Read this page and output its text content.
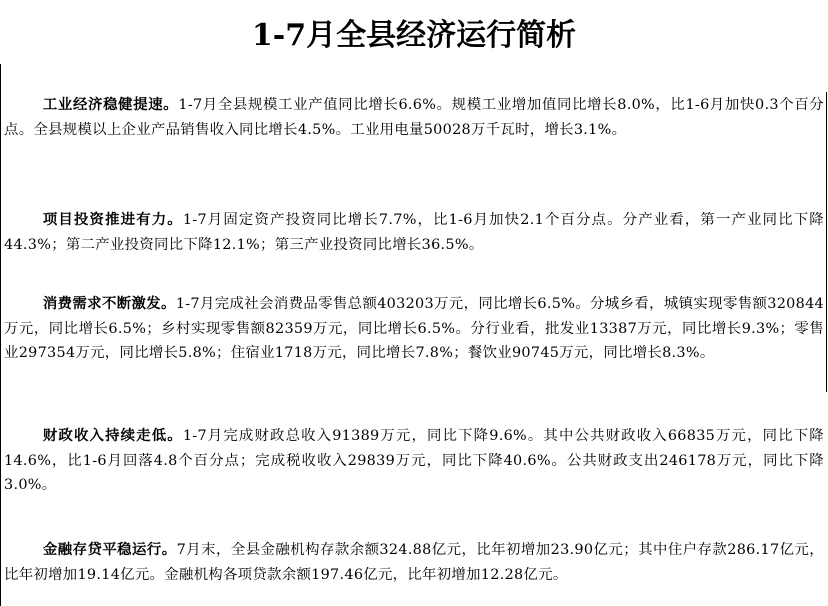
1-7月全县经济运行简析

工业经济稳健提速。1-7月全县规模工业产值同比增长6.6%。规模工业增加值同比增长8.0%，比1-6月加快0.3个百分点。全县规模以上企业产品销售收入同比增长4.5%。工业用电量50028万千瓦时，增长3.1%。

项目投资推进有力。1-7月固定资产投资同比增长7.7%，比1-6月加快2.1个百分点。分产业看，第一产业同比下降44.3%；第二产业投资同比下降12.1%；第三产业投资同比增长36.5%。

消费需求不断激发。1-7月完成社会消费品零售总额403203万元，同比增长6.5%。分城乡看，城镇实现零售额320844万元，同比增长6.5%；乡村实现零售额82359万元，同比增长6.5%。分行业看，批发业13387万元，同比增长9.3%；零售业297354万元，同比增长5.8%；住宿业1718万元，同比增长7.8%；餐饮业90745万元，同比增长8.3%。

财政收入持续走低。1-7月完成财政总收入91389万元，同比下降9.6%。其中公共财政收入66835万元，同比下降14.6%，比1-6月回落4.8个百分点；完成税收收入29839万元，同比下降40.6%。公共财政支出246178万元，同比下降3.0%。

金融存贷平稳运行。7月末，全县金融机构存款余额324.88亿元，比年初增加23.90亿元；其中住户存款286.17亿元，比年初增加19.14亿元。金融机构各项贷款余额197.46亿元，比年初增加12.28亿元。
